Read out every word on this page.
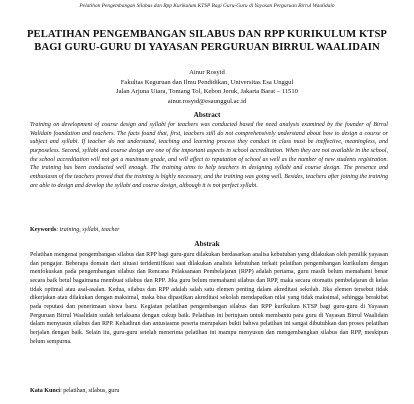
Pelatihan Pengembangan Silabus dan Rpp Kurikulum KTSP Bagi Guru-Guru di Yayasan Perguruan Birrul Waalidain
PELATIHAN PENGEMBANGAN SILABUS DAN RPP KURIKULUM KTSP
BAGI GURU-GURU DI YAYASAN PERGURUAN BIRRUL WAALIDAIN
Ainur Rosyid
Fakultas Keguruan dan Ilmu Pendidikan, Universitas Esa Unggul
Jalan Arjuna Utara, Tomang Tol, Kebon Jeruk, Jakarta Barat – 11510
ainur.rosyid@esaunggul.ac.id
Abstract
Training on development of course design and syllabi for teachers was conducted based the need analysis examined by the founder of Birrul Walidain foundation and teachers. The facts found that, first, teachers still do not comprehensively understand about how to design a course or subject and syllabi. If teacher do not understand, teaching and learning process they conduct in class must be ineffective, meaningless, and purposeless. Second, syllabi and course design are one of the important aspects in school accreditation. When they are not available in the school, the school accreditation will not get a maximum grade, and will affect to reputation of school as well as the number of new students registration. The training has been conducted well enough. The training aims to help teachers in designing syllabi and course design. The presence and enthusiasm of the teachers proved that the training is highly necessary, and the training was going well. Besides, teachers after joining the training are able to design and develop the syllabi and course design, although it is not perfect syllabi.
Keywords: training, syllabi, teacher
Abstrak
Pelatihan mengenai pengembangan silabus dan RPP bagi guru-guru dilakukan berdasarkan analisa kebutuhan yang dilakukan oleh pemilik yayasan dan pengajar. Beberapa domain dari situasi teridentifikasi saat dilakukan analisis kebutuhan terkait pelatihan pengembangan kurikulum dengan menfokuskan pada pengembangan silabus dan Rencana Pelaksanaan Pembelajaran (RPP) adalah pertama, guru masih belum memahami benar secara baik betul bagaimana membuat silabus dan RPP. Jika guru belum memahami silabus dan RPP, maka secara otomatis pembelajaran di kelas tidak optimal atau asal-asalan. Kedua, silabus dan RPP adalah salah satu elemen penting dalam akreditasi sekolah. Jika elemen tersebut tidak dikerjakan atau dilakukan dengan maksimal, maka bisa dipastikan akreditasi sekolah mendapatkan nilai yang tidak maksimal, sehingga berakibat pada reputasi dan penerimaan siswa baru. Kegiatan pelatihan pengembangan silabus dan RPP kurikulum KTSP bagi guru-guru di Yayasan Perguruan Birrul Waalidain sudah terlaksana dengan cukup baik. Pelatihan ini bertujuan untuk membantu para guru di Yayasan Birrul Waalidain dalam menyusun silabus dan RPP. Kehadiran dan antusiasme peserta merupakan bukti bahwa pelatihan ini sangat dibutuhkan dan proses pelatihan berjalan dengan baik. Selain itu, guru-guru setelah menerima pelatihan ini mampu menyusun dan mengembangkan silabus dan RPP, meskipun belum sempurna.
Kata Kunci: pelatihan, silabus, guru
